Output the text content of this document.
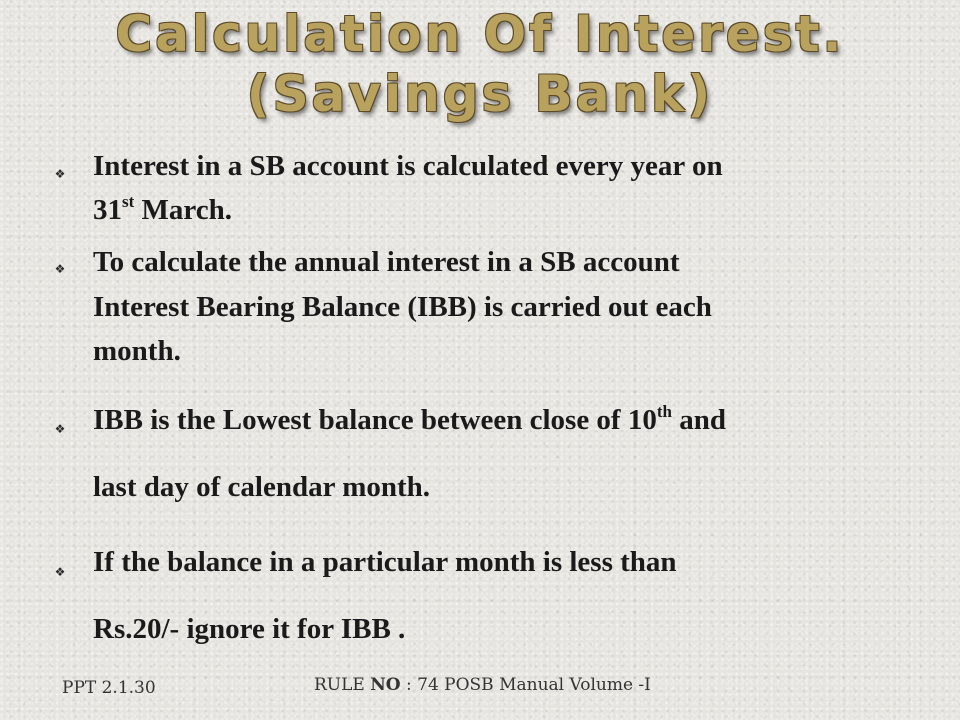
Calculation Of Interest.
(Savings Bank)
❖ Interest in a SB account is calculated every year on
31st March.
❖ To calculate the annual interest in a SB account
Interest Bearing Balance (IBB) is carried out each
month.
❖ IBB is the Lowest balance between close of 10th and
last day of calendar month.
❖ If the balance in a particular month is less than
Rs.20/- ignore it for IBB .
PPT 2.1.30	RULE NO : 74 POSB Manual Volume -I
